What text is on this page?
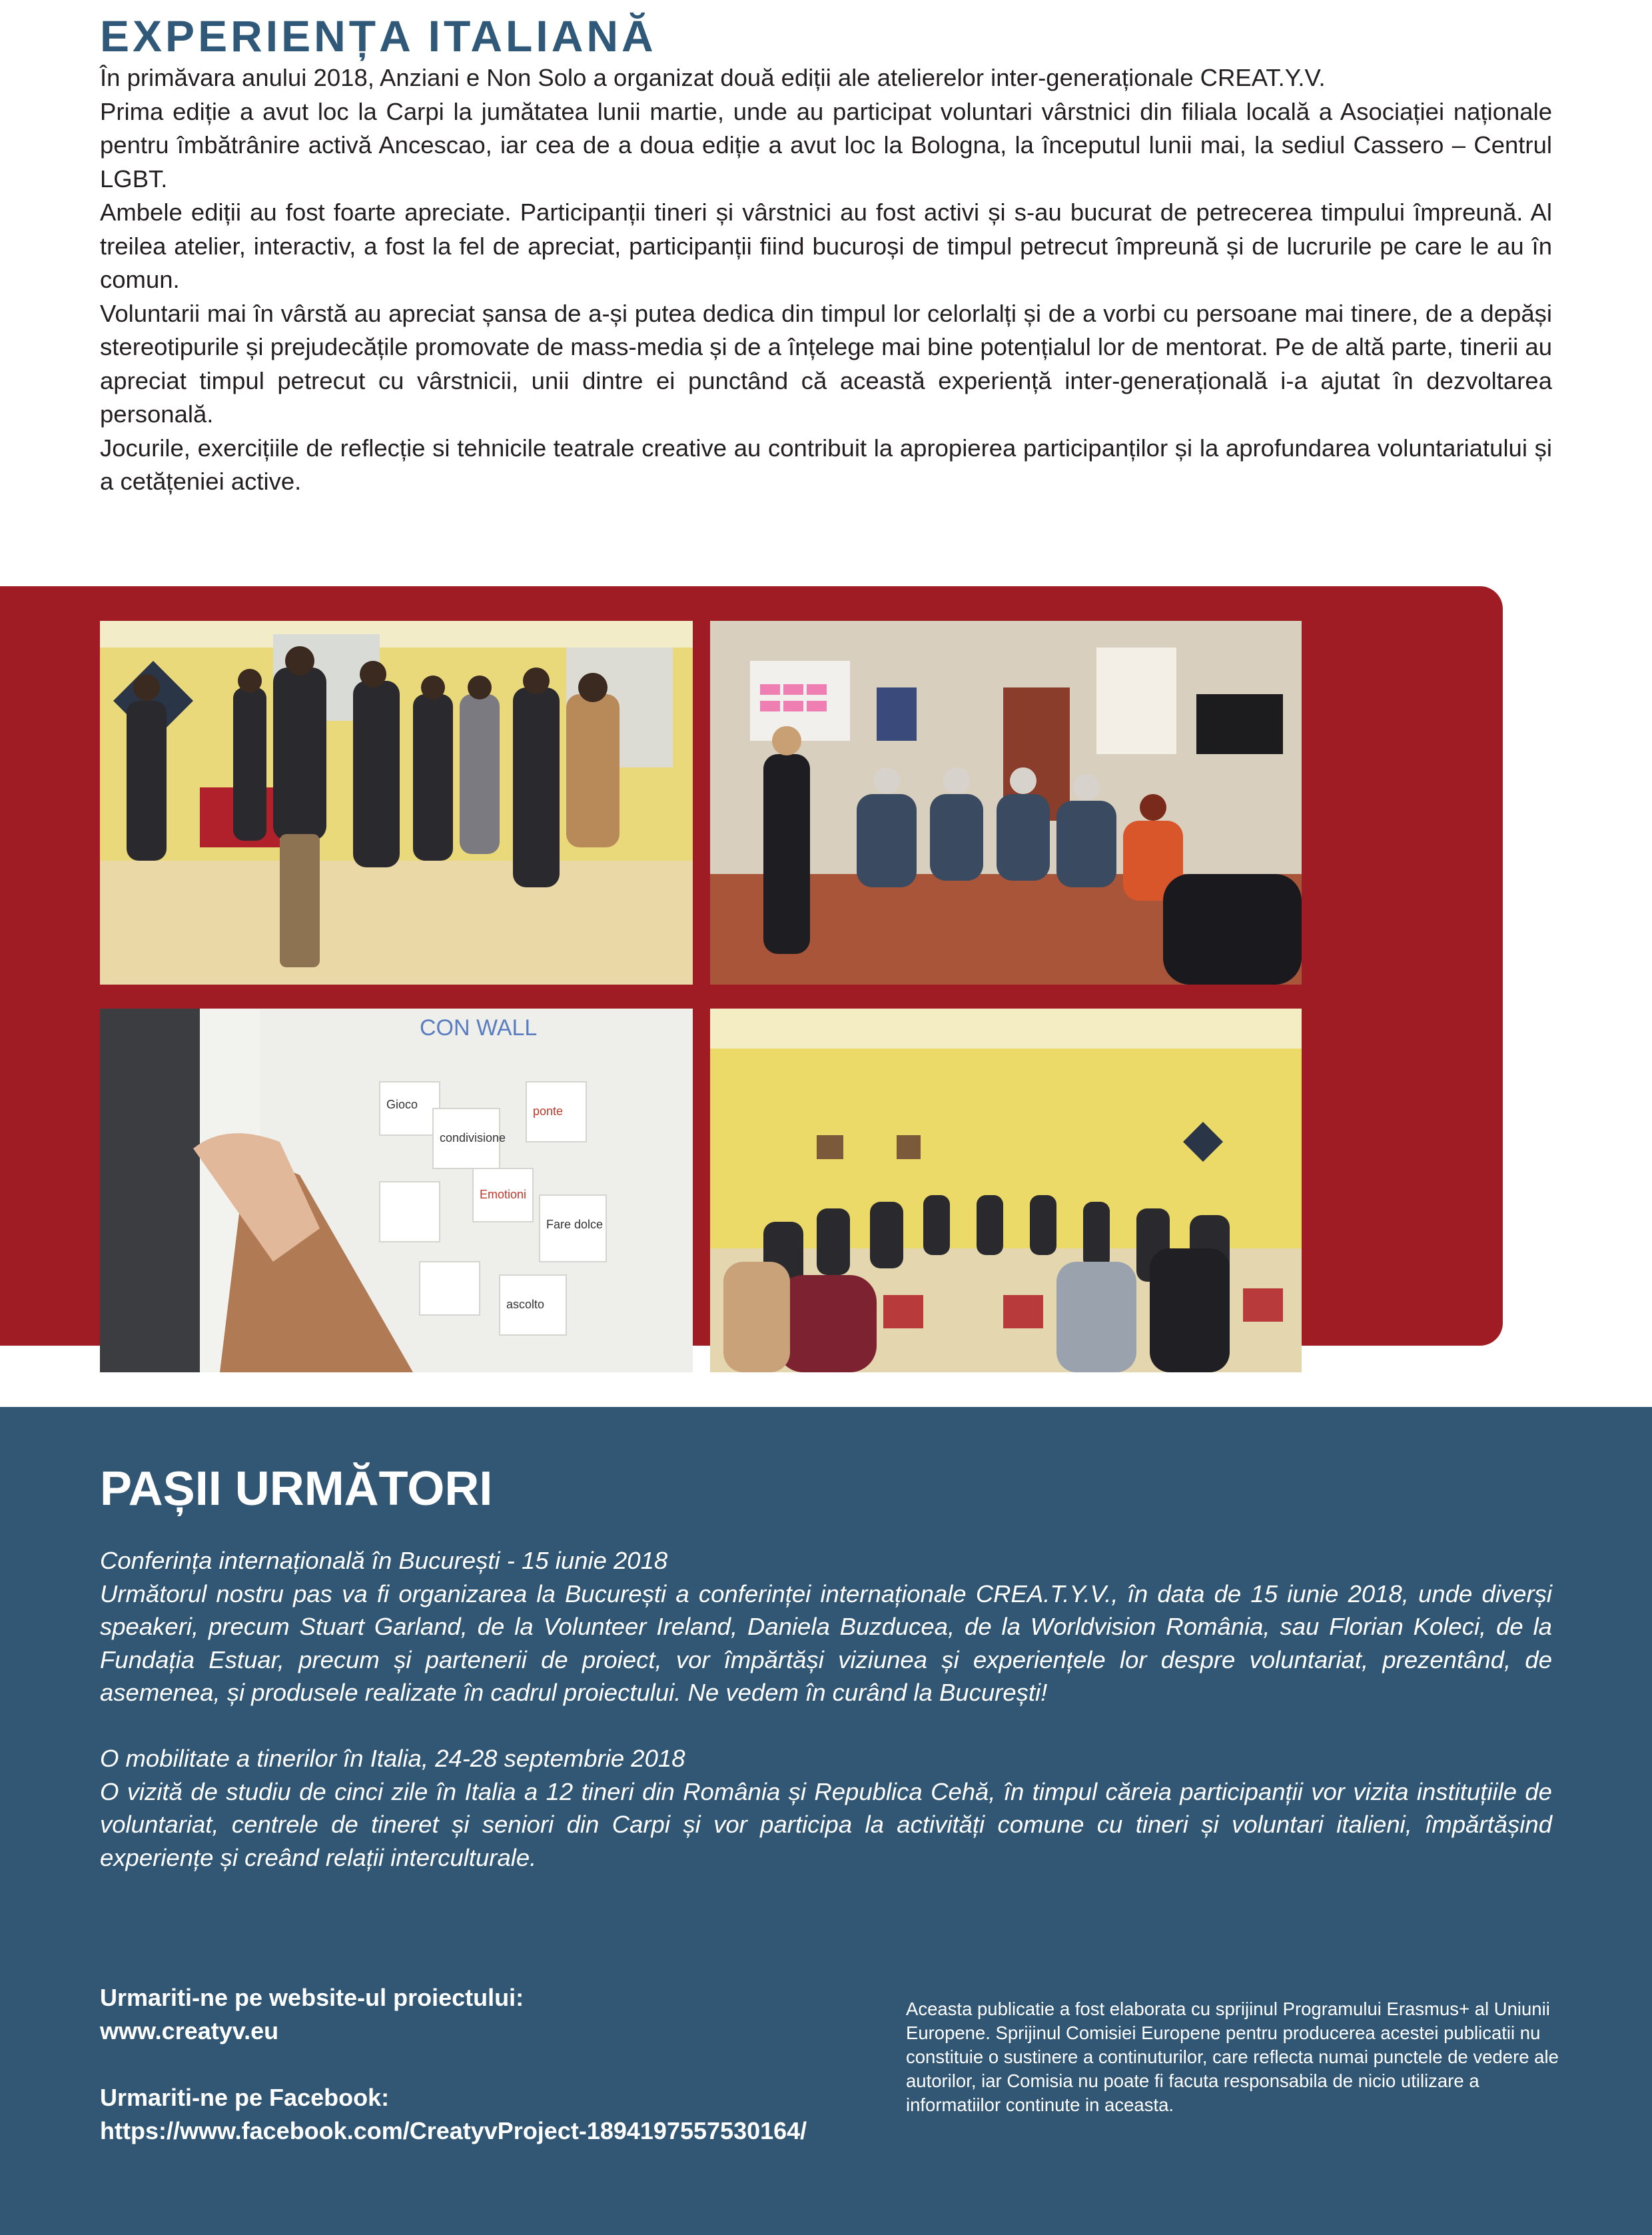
EXPERIENȚA ITALIANĂ

În primăvara anului 2018, Anziani e Non Solo a organizat două ediții ale atelierelor inter-generaționale CREAT.Y.V.

Prima ediție a avut loc la Carpi la jumătatea lunii martie, unde au participat voluntari vârstnici din filiala locală a Asociației naționale pentru îmbătrânire activă Ancescao, iar cea de a doua ediție a avut loc la Bologna, la începutul lunii mai, la sediul Cassero – Centrul LGBT.

Ambele ediții au fost foarte apreciate. Participanții tineri și vârstnici au fost activi și s-au bucurat de petrecerea timpului împreună. Al treilea atelier, interactiv, a fost la fel de apreciat, participanții fiind bucuroși de timpul petrecut împreună și de lucrurile pe care le au în comun.

Voluntarii mai în vârstă au apreciat șansa de a-și putea dedica din timpul lor celorlalți și de a vorbi cu persoane mai tinere, de a depăși stereotipurile și prejudecățile promovate de mass-media și de a înțelege mai bine potențialul lor de mentorat. Pe de altă parte, tinerii au apreciat timpul petrecut cu vârstnicii, unii dintre ei punctând că această experiență inter-generațională i-a ajutat în dezvoltarea personală.

Jocurile, exercițiile de reflecție si tehnicile teatrale creative au contribuit la apropierea participanților și la aprofundarea voluntariatului și a cetățeniei active.

CON WALL
Gioco	ponte
Emotioni
condivisione
Fare dolce
ascolto
PAȘII URMĂTORI

Conferința internațională în București - 15 iunie 2018

Următorul nostru pas va fi organizarea la București a conferinței internaționale CREA.T.Y.V., în data de 15 iunie 2018, unde diverși speakeri, precum Stuart Garland, de la Volunteer Ireland, Daniela Buzducea, de la Worldvision România, sau Florian Koleci, de la Fundația Estuar, precum și partenerii de proiect, vor împărtăși viziunea și experiențele lor despre voluntariat, prezentând, de asemenea, și produsele realizate în cadrul proiectului. Ne vedem în curând la București!

O mobilitate a tinerilor în Italia, 24-28 septembrie 2018

O vizită de studiu de cinci zile în Italia a 12 tineri din România și Republica Cehă, în timpul căreia participanții vor vizita instituțiile de voluntariat, centrele de tineret și seniori din Carpi și vor participa la activități comune cu tineri și voluntari italieni, împărtășind experiențe și creând relații interculturale.

Urmariti-ne pe website-ul proiectului:
www.creatyv.eu
Urmariti-ne pe Facebook:
https://www.facebook.com/CreatyvProject-1894197557530164/
Aceasta publicatie a fost elaborata cu sprijinul Programului Erasmus+ al Uniunii Europene. Sprijinul Comisiei Europene pentru producerea acestei publicatii nu constituie o sustinere a continuturilor, care reflecta numai punctele de vedere ale autorilor, iar Comisia nu poate fi facuta responsabila de nicio utilizare a informatiilor continute in aceasta.
